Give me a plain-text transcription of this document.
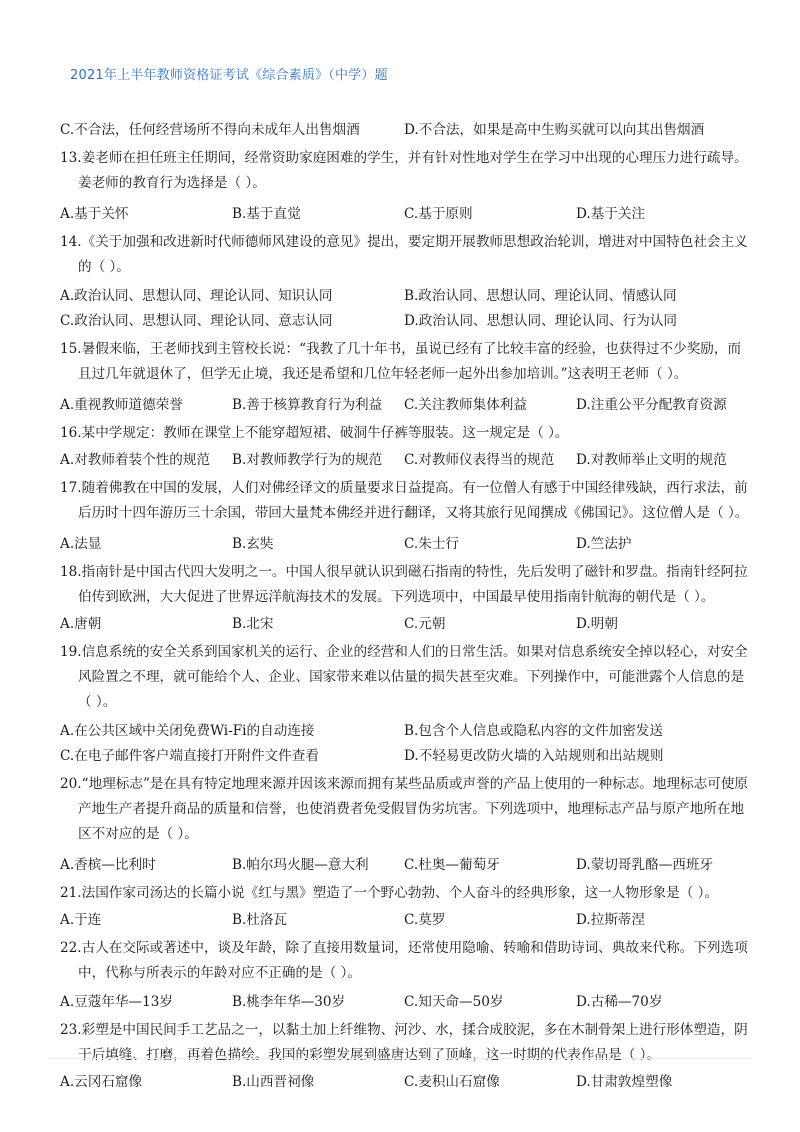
2021年上半年教师资格证考试《综合素质》（中学）题
C.不合法，任何经营场所不得向未成年人出售烟酒	D.不合法，如果是高中生购买就可以向其出售烟酒
13.姜老师在担任班主任期间，经常资助家庭困难的学生，并有针对性地对学生在学习中出现的心理压力进行疏导。姜老师的教育行为选择是（ ）。
A.基于关怀	B.基于直觉	C.基于原则	D.基于关注
14.《关于加强和改进新时代师德师风建设的意见》提出，要定期开展教师思想政治轮训，增进对中国特色社会主义的（ ）。
A.政治认同、思想认同、理论认同、知识认同	B.政治认同、思想认同、理论认同、情感认同
C.政治认同、思想认同、理论认同、意志认同	D.政治认同、思想认同、理论认同、行为认同
15.暑假来临，王老师找到主管校长说：“我教了几十年书，虽说已经有了比较丰富的经验，也获得过不少奖励，而且过几年就退休了，但学无止境，我还是希望和几位年轻老师一起外出参加培训。”这表明王老师（ ）。
A.重视教师道德荣誉	B.善于核算教育行为利益	C.关注教师集体利益	D.注重公平分配教育资源
16.某中学规定：教师在课堂上不能穿超短裙、破洞牛仔裤等服装。这一规定是（ ）。
A.对教师着装个性的规范	B.对教师教学行为的规范	C.对教师仪表得当的规范	D.对教师举止文明的规范
17.随着佛教在中国的发展，人们对佛经译文的质量要求日益提高。有一位僧人有感于中国经律残缺，西行求法，前后历时十四年游历三十余国，带回大量梵本佛经并进行翻译，又将其旅行见闻撰成《佛国记》。这位僧人是（ ）。
A.法显	B.玄奘	C.朱士行	D.竺法护
18.指南针是中国古代四大发明之一。中国人很早就认识到磁石指南的特性，先后发明了磁针和罗盘。指南针经阿拉伯传到欧洲，大大促进了世界远洋航海技术的发展。下列选项中，中国最早使用指南针航海的朝代是（ ）。
A.唐朝	B.北宋	C.元朝	D.明朝
19.信息系统的安全关系到国家机关的运行、企业的经营和人们的日常生活。如果对信息系统安全掉以轻心，对安全风险置之不理，就可能给个人、企业、国家带来难以估量的损失甚至灾难。下列操作中，可能泄露个人信息的是（ ）。
A.在公共区域中关闭免费Wi-Fi的自动连接	B.包含个人信息或隐私内容的文件加密发送
C.在电子邮件客户端直接打开附件文件查看	D.不轻易更改防火墙的入站规则和出站规则
20.“地理标志”是在具有特定地理来源并因该来源而拥有某些品质或声誉的产品上使用的一种标志。地理标志可使原产地生产者提升商品的质量和信誉，也使消费者免受假冒伪劣坑害。下列选项中，地理标志产品与原产地所在地区不对应的是（ ）。
A.香槟—比利时	B.帕尔玛火腿—意大利	C.杜奥—葡萄牙	D.蒙切哥乳酪—西班牙
21.法国作家司汤达的长篇小说《红与黑》塑造了一个野心勃勃、个人奋斗的经典形象，这一人物形象是（ ）。
A.于连	B.杜洛瓦	C.莫罗	D.拉斯蒂涅
22.古人在交际或著述中，谈及年龄，除了直接用数量词，还常使用隐喻、转喻和借助诗词、典故来代称。下列选项中，代称与所表示的年龄对应不正确的是（ ）。
A.豆蔻年华—13岁	B.桃李年华—30岁	C.知天命—50岁	D.古稀—70岁
23.彩塑是中国民间手工艺品之一，以黏土加上纤维物、河沙、水，揉合成胶泥，多在木制骨架上进行形体塑造，阴干后填缝、打磨，再着色描绘。我国的彩塑发展到盛唐达到了顶峰，这一时期的代表作品是（ ）。
A.云冈石窟像	B.山西晋祠像	C.麦积山石窟像	D.甘肃敦煌塑像
